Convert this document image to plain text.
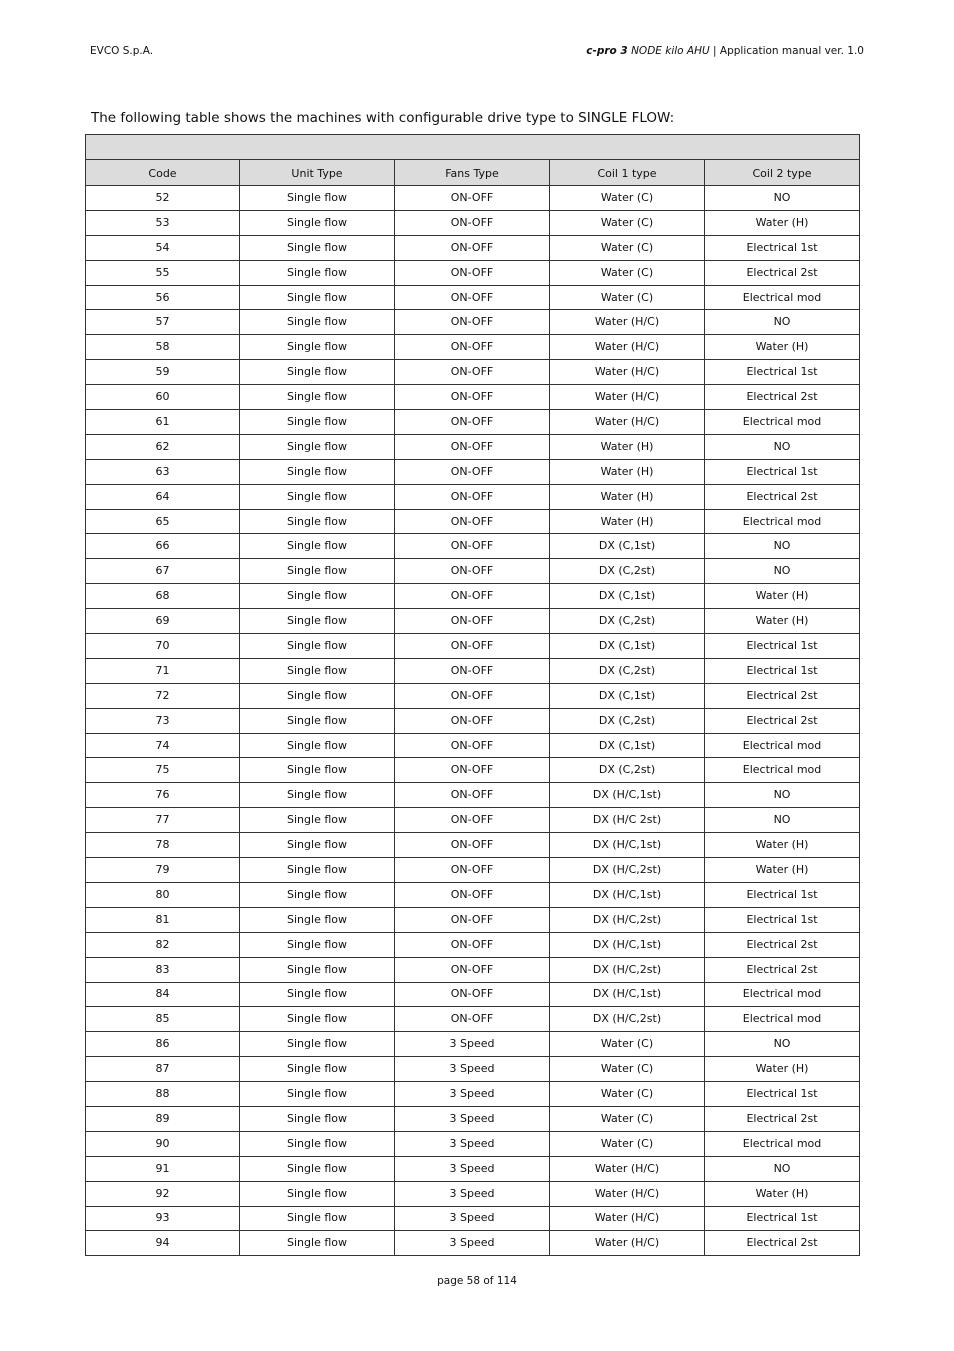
EVCO S.p.A.	c-pro 3 NODE kilo AHU | Application manual ver. 1.0
The following table shows the machines with configurable drive type to SINGLE FLOW:

Code	Unit Type	Fans Type	Coil 1 type	Coil 2 type
52	Single flow	ON-OFF	Water (C)	NO
53	Single flow	ON-OFF	Water (C)	Water (H)
54	Single flow	ON-OFF	Water (C)	Electrical 1st
55	Single flow	ON-OFF	Water (C)	Electrical 2st
56	Single flow	ON-OFF	Water (C)	Electrical mod
57	Single flow	ON-OFF	Water (H/C)	NO
58	Single flow	ON-OFF	Water (H/C)	Water (H)
59	Single flow	ON-OFF	Water (H/C)	Electrical 1st
60	Single flow	ON-OFF	Water (H/C)	Electrical 2st
61	Single flow	ON-OFF	Water (H/C)	Electrical mod
62	Single flow	ON-OFF	Water (H)	NO
63	Single flow	ON-OFF	Water (H)	Electrical 1st
64	Single flow	ON-OFF	Water (H)	Electrical 2st
65	Single flow	ON-OFF	Water (H)	Electrical mod
66	Single flow	ON-OFF	DX (C,1st)	NO
67	Single flow	ON-OFF	DX (C,2st)	NO
68	Single flow	ON-OFF	DX (C,1st)	Water (H)
69	Single flow	ON-OFF	DX (C,2st)	Water (H)
70	Single flow	ON-OFF	DX (C,1st)	Electrical 1st
71	Single flow	ON-OFF	DX (C,2st)	Electrical 1st
72	Single flow	ON-OFF	DX (C,1st)	Electrical 2st
73	Single flow	ON-OFF	DX (C,2st)	Electrical 2st
74	Single flow	ON-OFF	DX (C,1st)	Electrical mod
75	Single flow	ON-OFF	DX (C,2st)	Electrical mod
76	Single flow	ON-OFF	DX (H/C,1st)	NO
77	Single flow	ON-OFF	DX (H/C 2st)	NO
78	Single flow	ON-OFF	DX (H/C,1st)	Water (H)
79	Single flow	ON-OFF	DX (H/C,2st)	Water (H)
80	Single flow	ON-OFF	DX (H/C,1st)	Electrical 1st
81	Single flow	ON-OFF	DX (H/C,2st)	Electrical 1st
82	Single flow	ON-OFF	DX (H/C,1st)	Electrical 2st
83	Single flow	ON-OFF	DX (H/C,2st)	Electrical 2st
84	Single flow	ON-OFF	DX (H/C,1st)	Electrical mod
85	Single flow	ON-OFF	DX (H/C,2st)	Electrical mod
86	Single flow	3 Speed	Water (C)	NO
87	Single flow	3 Speed	Water (C)	Water (H)
88	Single flow	3 Speed	Water (C)	Electrical 1st
89	Single flow	3 Speed	Water (C)	Electrical 2st
90	Single flow	3 Speed	Water (C)	Electrical mod
91	Single flow	3 Speed	Water (H/C)	NO
92	Single flow	3 Speed	Water (H/C)	Water (H)
93	Single flow	3 Speed	Water (H/C)	Electrical 1st
94	Single flow	3 Speed	Water (H/C)	Electrical 2st
page 58 of 114
